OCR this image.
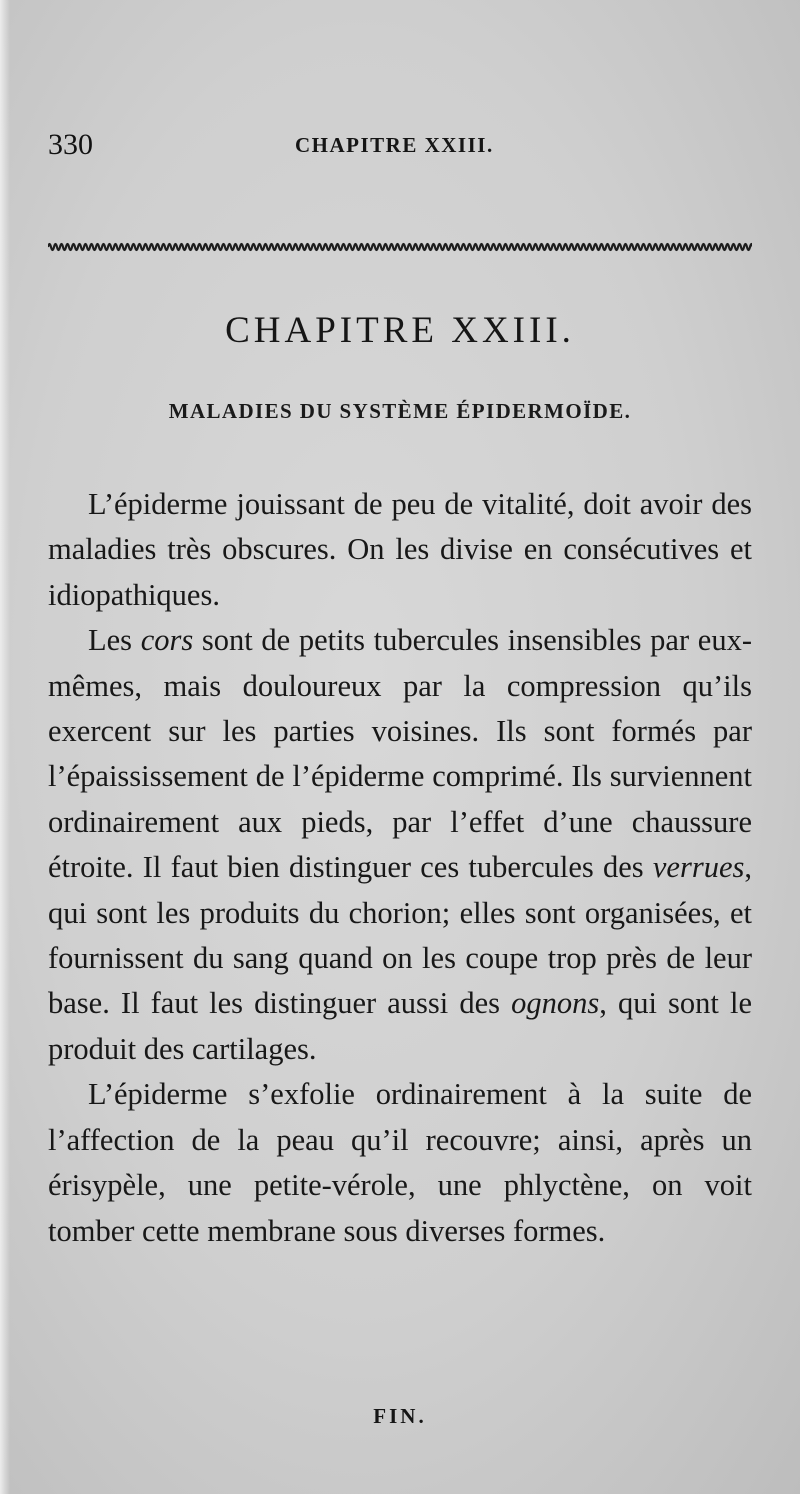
330	CHAPITRE XXIII.
CHAPITRE XXIII.
MALADIES DU SYSTÈME ÉPIDERMOÏDE.

L’épiderme jouissant de peu de vitalité, doit avoir des maladies très obscures. On les divise en consécutives et idiopathiques.

Les cors sont de petits tubercules insensibles par eux-mêmes, mais douloureux par la compression qu’ils exercent sur les parties voisines. Ils sont formés par l’épaississement de l’épiderme comprimé. Ils surviennent ordinairement aux pieds, par l’effet d’une chaussure étroite. Il faut bien distinguer ces tubercules des verrues, qui sont les produits du chorion; elles sont organisées, et fournissent du sang quand on les coupe trop près de leur base. Il faut les distinguer aussi des ognons, qui sont le produit des cartilages.

L’épiderme s’exfolie ordinairement à la suite de l’affection de la peau qu’il recouvre; ainsi, après un érisypèle, une petite-vérole, une phlyctène, on voit tomber cette membrane sous diverses formes.

FIN.
